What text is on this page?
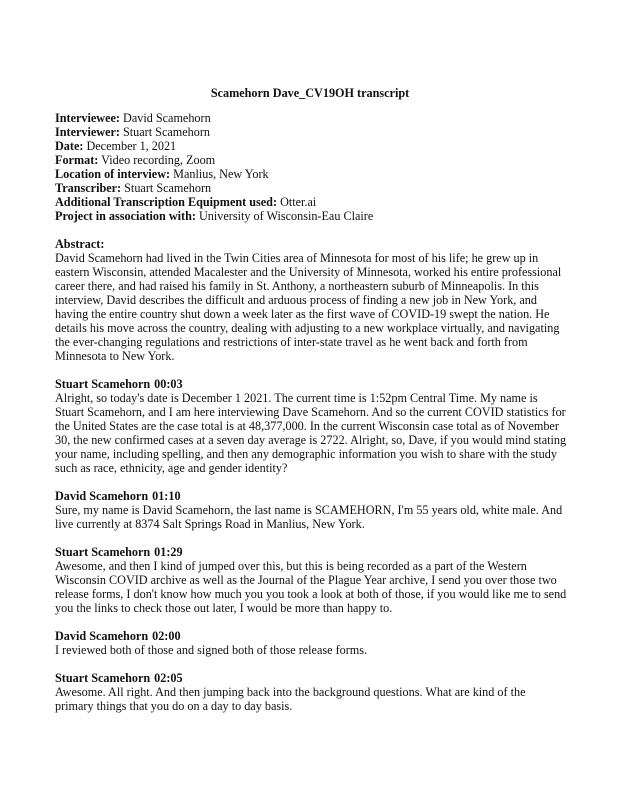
Scamehorn Dave_CV19OH transcript
Interviewee: David Scamehorn
Interviewer: Stuart Scamehorn
Date: December 1, 2021
Format: Video recording, Zoom
Location of interview: Manlius, New York
Transcriber: Stuart Scamehorn
Additional Transcription Equipment used: Otter.ai
Project in association with: University of Wisconsin-Eau Claire
Abstract:
David Scamehorn had lived in the Twin Cities area of Minnesota for most of his life; he grew up in
eastern Wisconsin, attended Macalester and the University of Minnesota, worked his entire professional
career there, and had raised his family in St. Anthony, a northeastern suburb of Minneapolis. In this
interview, David describes the difficult and arduous process of finding a new job in New York, and
having the entire country shut down a week later as the first wave of COVID-19 swept the nation. He
details his move across the country, dealing with adjusting to a new workplace virtually, and navigating
the ever-changing regulations and restrictions of inter-state travel as he went back and forth from
Minnesota to New York.
Stuart Scamehorn 00:03
Alright, so today's date is December 1 2021. The current time is 1:52pm Central Time. My name is
Stuart Scamehorn, and I am here interviewing Dave Scamehorn. And so the current COVID statistics for
the United States are the case total is at 48,377,000. In the current Wisconsin case total as of November
30, the new confirmed cases at a seven day average is 2722. Alright, so, Dave, if you would mind stating
your name, including spelling, and then any demographic information you wish to share with the study
such as race, ethnicity, age and gender identity?
David Scamehorn 01:10
Sure, my name is David Scamehorn, the last name is SCAMEHORN, I'm 55 years old, white male. And
live currently at 8374 Salt Springs Road in Manlius, New York.
Stuart Scamehorn 01:29
Awesome, and then I kind of jumped over this, but this is being recorded as a part of the Western
Wisconsin COVID archive as well as the Journal of the Plague Year archive, I send you over those two
release forms, I don't know how much you you took a look at both of those, if you would like me to send
you the links to check those out later, I would be more than happy to.
David Scamehorn 02:00
I reviewed both of those and signed both of those release forms.
Stuart Scamehorn 02:05
Awesome. All right. And then jumping back into the background questions. What are kind of the
primary things that you do on a day to day basis.
